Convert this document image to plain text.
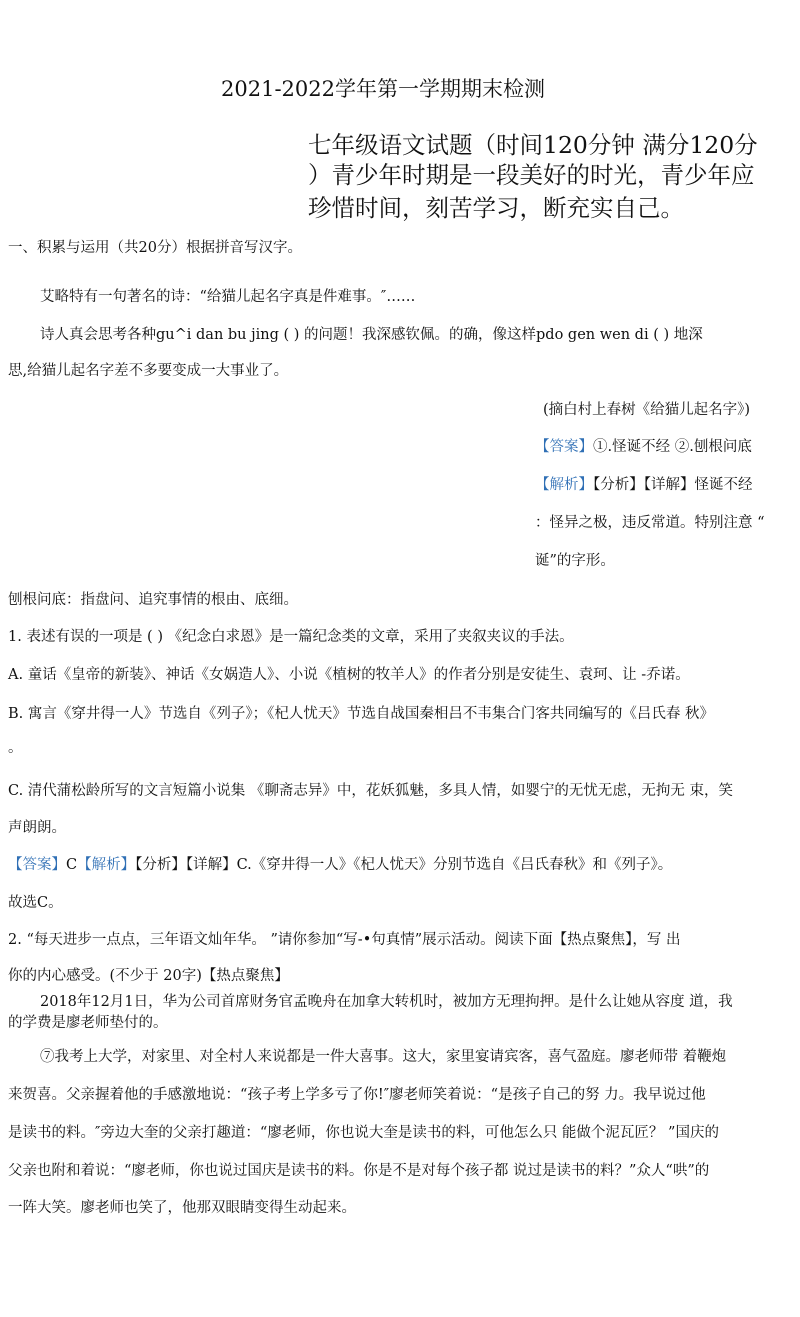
2021-2022学年第一学期期末检测
七年级语文试题（时间120分钟 满分120分
）青少年时期是一段美好的时光，青少年应
珍惜时间，刻苦学习，断充实自己。
一、积累与运用（共20分）根据拼音写汉字。
艾略特有一句著名的诗：“给猫儿起名字真是件难事。″……
诗人真会思考各种gu^i dan bu jing ( ) 的问题！我深感钦佩。的确，像这样pdo gen wen di ( ) 地深
思,给猫儿起名字差不多要变成一大事业了。
(摘白村上春树《给猫儿起名字》)
【答案】①.怪诞不经 ②.刨根问底
【解析】【分析】【详解】怪诞不经
：怪异之极，违反常道。特别注意 “
诞”的字形。
刨根问底：指盘问、追究事情的根由、底细。
1. 表述有误的一项是 ( ) 《纪念白求恩》是一篇纪念类的文章，采用了夹叙夹议的手法。
A. 童话《皇帝的新装》、神话《女娲造人》、小说《植树的牧羊人》的作者分别是安徒生、袁珂、让 -乔诺。
B. 寓言《穿井得一人》节选自《列子》；《杞人忧天》节选自战国秦相吕不韦集合门客共同编写的《吕氏春 秋》
。
C. 清代蒲松龄所写的文言短篇小说集 《聊斋志异》中，花妖狐魅，多具人情，如婴宁的无忧无虑，无拘无 束，笑
声朗朗。
【答案】C【解析】【分析】【详解】C.《穿井得一人》《杞人忧天》分别节选自《吕氏春秋》和《列子》。
故选C。
2. “每天进步一点点，三年语文灿年华。 ”请你参加“写-•句真情”展示活动。阅读下面【热点聚焦】，写 出
你的内心感受。(不少于 20字)【热点聚焦】
2018年12月1日，华为公司首席财务官孟晚舟在加拿大转机时，被加方无理拘押。是什么让她从容度 道，我
的学费是廖老师垫付的。
⑦我考上大学，对家里、对全村人来说都是一件大喜事。这大，家里宴请宾客，喜气盈庭。廖老师带 着鞭炮
来贺喜。父亲握着他的手感激地说：“孩子考上学多亏了你!″廖老师笑着说：“是孩子自己的努 力。我早说过他
是读书的料。″旁边大奎的父亲打趣道：“廖老师，你也说大奎是读书的料，可他怎么只 能做个泥瓦匠？ ”国庆的
父亲也附和着说：“廖老师，你也说过国庆是读书的料。你是不是对每个孩子都 说过是读书的料？”众人“哄”的
一阵大笑。廖老师也笑了，他那双眼睛变得生动起来。
